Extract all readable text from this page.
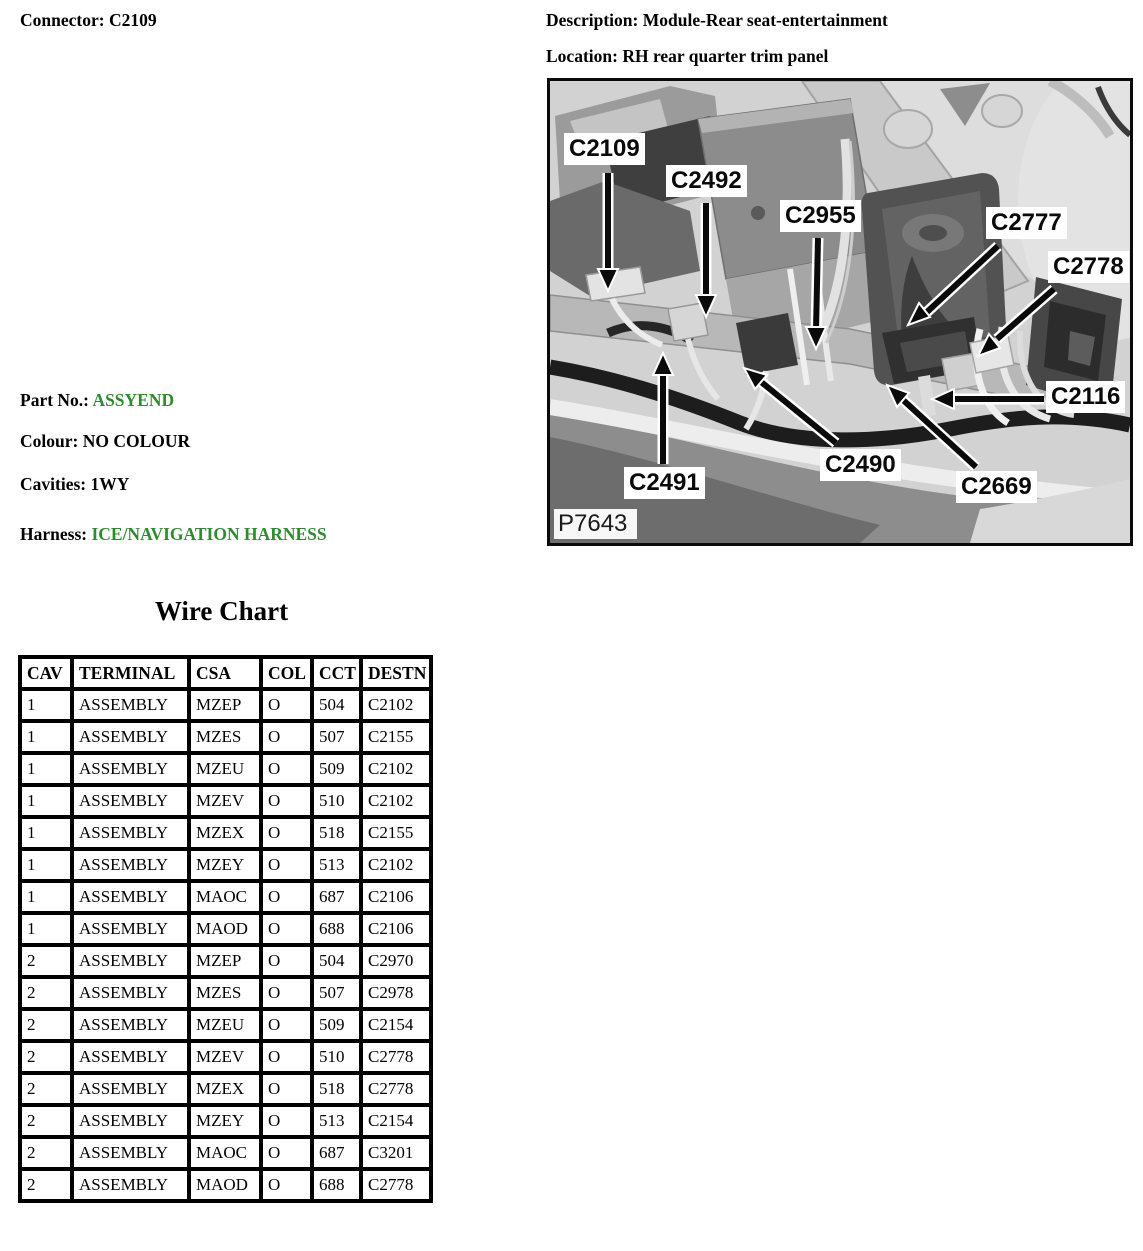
Connector: C2109	Description: Module-Rear seat-entertainment
Location: RH rear quarter trim panel
Part No.: ASSYEND
Colour: NO COLOUR
Cavities: 1WY
Harness: ICE/NAVIGATION HARNESS
C2109
C2492
C2955	C2777
C2778
C2116
C2490
C2491	C2669
P7643
Wire Chart
CAV	TERMINAL	CSA	COL	CCT	DESTN
1	ASSEMBLY	MZEP	O	504	C2102
1	ASSEMBLY	MZES	O	507	C2155
1	ASSEMBLY	MZEU	O	509	C2102
1	ASSEMBLY	MZEV	O	510	C2102
1	ASSEMBLY	MZEX	O	518	C2155
1	ASSEMBLY	MZEY	O	513	C2102
1	ASSEMBLY	MAOC	O	687	C2106
1	ASSEMBLY	MAOD	O	688	C2106
2	ASSEMBLY	MZEP	O	504	C2970
2	ASSEMBLY	MZES	O	507	C2978
2	ASSEMBLY	MZEU	O	509	C2154
2	ASSEMBLY	MZEV	O	510	C2778
2	ASSEMBLY	MZEX	O	518	C2778
2	ASSEMBLY	MZEY	O	513	C2154
2	ASSEMBLY	MAOC	O	687	C3201
2	ASSEMBLY	MAOD	O	688	C2778
